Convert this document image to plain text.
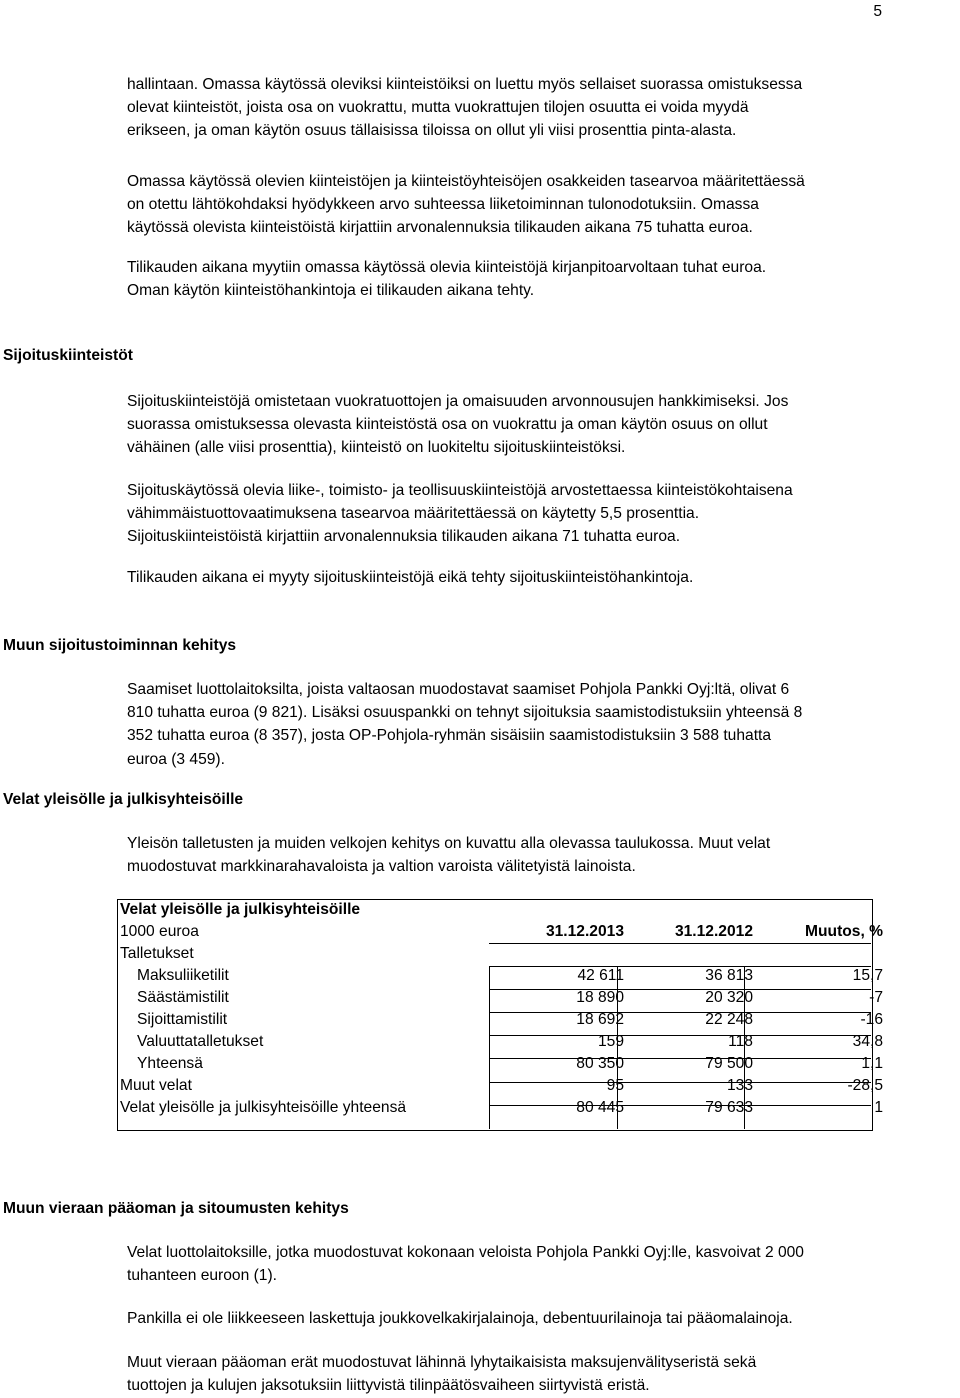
5

hallintaan. Omassa käytössä oleviksi kiinteistöiksi on luettu myös sellaiset suorassa omistuksessa
olevat kiinteistöt, joista osa on vuokrattu, mutta vuokrattujen tilojen osuutta ei voida myydä
erikseen, ja oman käytön osuus tällaisissa tiloissa on ollut yli viisi prosenttia pinta-alasta.

Omassa käytössä olevien kiinteistöjen ja kiinteistöyhteisöjen osakkeiden tasearvoa määritettäessä
on otettu lähtökohdaksi hyödykkeen arvo suhteessa liiketoiminnan tulonodotuksiin. Omassa
käytössä olevista kiinteistöistä kirjattiin arvonalennuksia tilikauden aikana 75 tuhatta euroa.

Tilikauden aikana myytiin omassa käytössä olevia kiinteistöjä kirjanpitoarvoltaan tuhat euroa.
Oman käytön kiinteistöhankintoja ei tilikauden aikana tehty.

Sijoituskiinteistöt

Sijoituskiinteistöjä omistetaan vuokratuottojen ja omaisuuden arvonnousujen hankkimiseksi. Jos
suorassa omistuksessa olevasta kiinteistöstä osa on vuokrattu ja oman käytön osuus on ollut
vähäinen (alle viisi prosenttia), kiinteistö on luokiteltu sijoituskiinteistöksi.

Sijoituskäytössä olevia liike-, toimisto- ja teollisuuskiinteistöjä arvostettaessa kiinteistökohtaisena
vähimmäistuottovaatimuksena tasearvoa määritettäessä on käytetty 5,5 prosenttia.
Sijoituskiinteistöistä kirjattiin arvonalennuksia tilikauden aikana 71 tuhatta euroa.

Tilikauden aikana ei myyty sijoituskiinteistöjä eikä tehty sijoituskiinteistöhankintoja.

Muun sijoitustoiminnan kehitys

Saamiset luottolaitoksilta, joista valtaosan muodostavat saamiset Pohjola Pankki Oyj:ltä, olivat 6
810 tuhatta euroa (9 821). Lisäksi osuuspankki on tehnyt sijoituksia saamistodistuksiin yhteensä 8
352 tuhatta euroa (8 357), josta OP-Pohjola-ryhmän sisäisiin saamistodistuksiin 3 588 tuhatta
euroa (3 459).

Velat yleisölle ja julkisyhteisöille

Yleisön talletusten ja muiden velkojen kehitys on kuvattu alla olevassa taulukossa. Muut velat
muodostuvat markkinarahavaloista ja valtion varoista välitetyistä lainoista.

Velat yleisölle ja julkisyhteisöille			
1000 euroa	31.12.2013	31.12.2012	Muutos, %
Talletukset			
Maksuliiketilit	42 611	36 813	15,7
Säästämistilit	18 890	20 320	-7
Sijoittamistilit	18 692	22 248	-16
Valuuttatalletukset	159	118	34,8
Yhteensä	80 350	79 500	1,1
Muut velat	95	133	-28,5
Velat yleisölle ja julkisyhteisöille yhteensä	80 445	79 633	1
Muun vieraan pääoman ja sitoumusten kehitys

Velat luottolaitoksille, jotka muodostuvat kokonaan veloista Pohjola Pankki Oyj:lle, kasvoivat 2 000
tuhanteen euroon (1).

Pankilla ei ole liikkeeseen laskettuja joukkovelkakirjalainoja, debentuurilainoja tai pääomalainoja.

Muut vieraan pääoman erät muodostuvat lähinnä lyhytaikaisista maksujenvälityseristä sekä
tuottojen ja kulujen jaksotuksiin liittyvistä tilinpäätösvaiheen siirtyvistä eristä.
